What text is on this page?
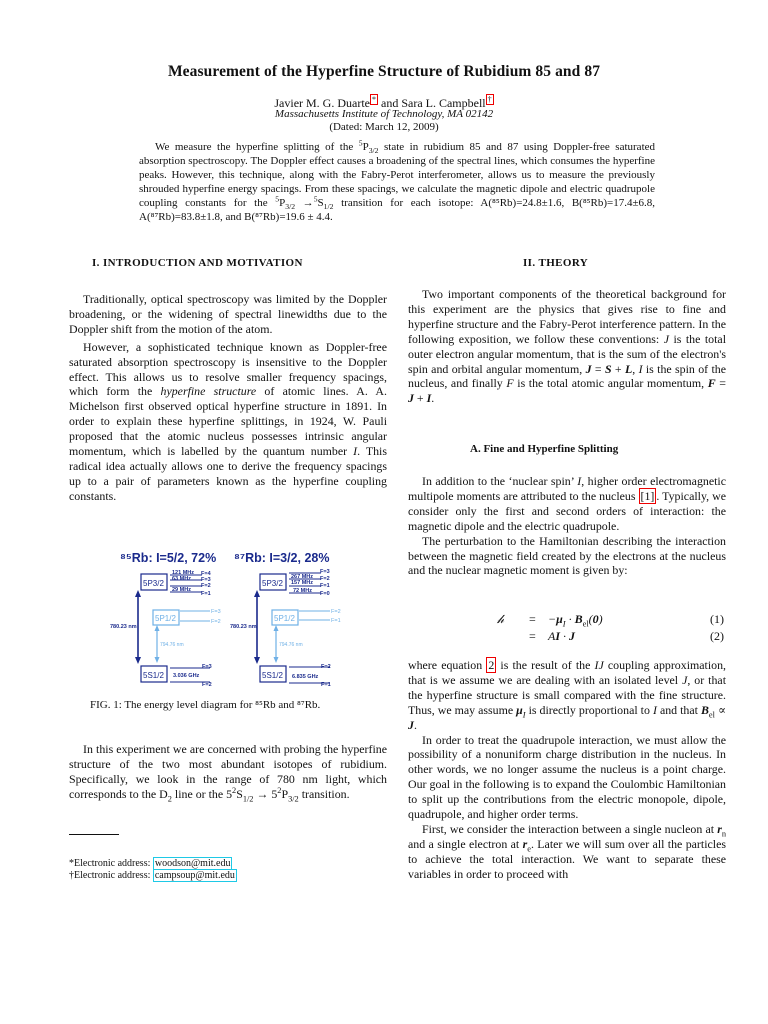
Measurement of the Hyperfine Structure of Rubidium 85 and 87
Javier M. G. Duarte * and Sara L. Campbell †
Massachusetts Institute of Technology, MA 02142
(Dated: March 12, 2009)

We measure the hyperfine splitting of the $^5P_{3/2}$ state in rubidium 85 and 87 using Doppler-free saturated absorption spectroscopy. The Doppler effect causes a broadening of the spectral lines, which consumes the hyperfine peaks. However, this technique, along with the Fabry-Perot interferometer, allows us to measure the previously shrouded hyperfine energy spacings. From these spacings, we calculate the magnetic dipole and electric quadrupole coupling constants for the $^5P_{3/2} \to^5S_{1/2}$ transition for each isotope: A(⁸⁵Rb)=24.8±1.6, B(⁸⁵Rb)=17.4±6.8, A(⁸⁷Rb)=83.8±1.8, and B(⁸⁷Rb)=19.6 ± 4.4.

I. INTRODUCTION AND MOTIVATION	II. THEORY

Traditionally, optical spectroscopy was limited by the Doppler broadening, or the widening of spectral linewidths due to the Doppler shift from the motion of the atom.

However, a sophisticated technique known as Doppler-free saturated absorption spectroscopy is insensitive to the Doppler effect. This allows us to resolve smaller frequency spacings, which form the hyperfine structure of atomic lines. A. A. Michelson first observed optical hyperfine structure in 1891. In order to explain these hyperfine splittings, in 1924, W. Pauli proposed that the atomic nucleus possesses intrinsic angular momentum, which is labelled by the quantum number I. This radical idea actually allows one to derive the frequency spacings up to a pair of parameters known as the hyperfine coupling constants.

⁸⁵Rb: I=5/2, 72%
5P3/2
121 MHz
63 MHz
29 MHz
F=4
F=3
F=2
F=1
5P1/2
F=3
F=2
780.23 nm
794.76 nm
5S1/2 3.036 GHz
F=3
F=2
⁸⁷Rb: I=3/2, 28%
5P3/2
267 MHz
157 MHz
72 MHz
F=3
F=2
F=1
F=0
5P1/2
F=2
F=1
780.23 nm
794.76 nm
5S1/2 6.835 GHz
F=2
F=1

FIG. 1: The energy level diagram for ⁸⁵Rb and ⁸⁷Rb.

In this experiment we are concerned with probing the hyperfine structure of the two most abundant isotopes of rubidium. Specifically, we look in the range of 780 nm light, which corresponds to the $D_2$ line or the $5^2S_{1/2} \to 5^2P_{3/2}$ transition.

*Electronic address: woodson@mit.edu

†Electronic address: campsoup@mit.edu

Two important components of the theoretical background for this experiment are the physics that gives rise to fine and hyperfine structure and the Fabry-Perot interference pattern. In the following exposition, we follow these conventions: J is the total outer electron angular momentum, that is the sum of the electron's spin and orbital angular momentum, J = S + L, I is the spin of the nucleus, and finally F is the total atomic angular momentum, F = J + I.

A. Fine and Hyperfine Splitting

In addition to the ‘nuclear spin’ I, higher order electromagnetic multipole moments are attributed to the nucleus [1] . Typically, we consider only the first and second orders of interaction: the magnetic dipole and the electric quadrupole.

The perturbation to the Hamiltonian describing the interaction between the magnetic field created by the electrons at the nucleus and the nuclear magnetic moment is given by:

𝒽 = $-\mu_I \cdot B_{el}(0)$	(1)
= AI · J	(2)

where equation 2 is the result of the IJ coupling approximation, that is we assume we are dealing with an isolated level J, or that the hyperfine structure is small compared with the fine structure. Thus, we may assume $\mu_I$ is directly proportional to I and that $B_{el} \propto J$.

In order to treat the quadrupole interaction, we must allow the possibility of a nonuniform charge distribution in the nucleus. In other words, we no longer assume the nucleus is a point charge. Our goal in the following is to expand the Coulombic Hamiltonian to split up the contributions from the electric monopole, dipole, quadrupole, and higher order terms.

First, we consider the interaction between a single nucleon at $r_n$ and a single electron at $r_e$. Later we will sum over all the particles to achieve the total interaction. We want to separate these variables in order to proceed with
